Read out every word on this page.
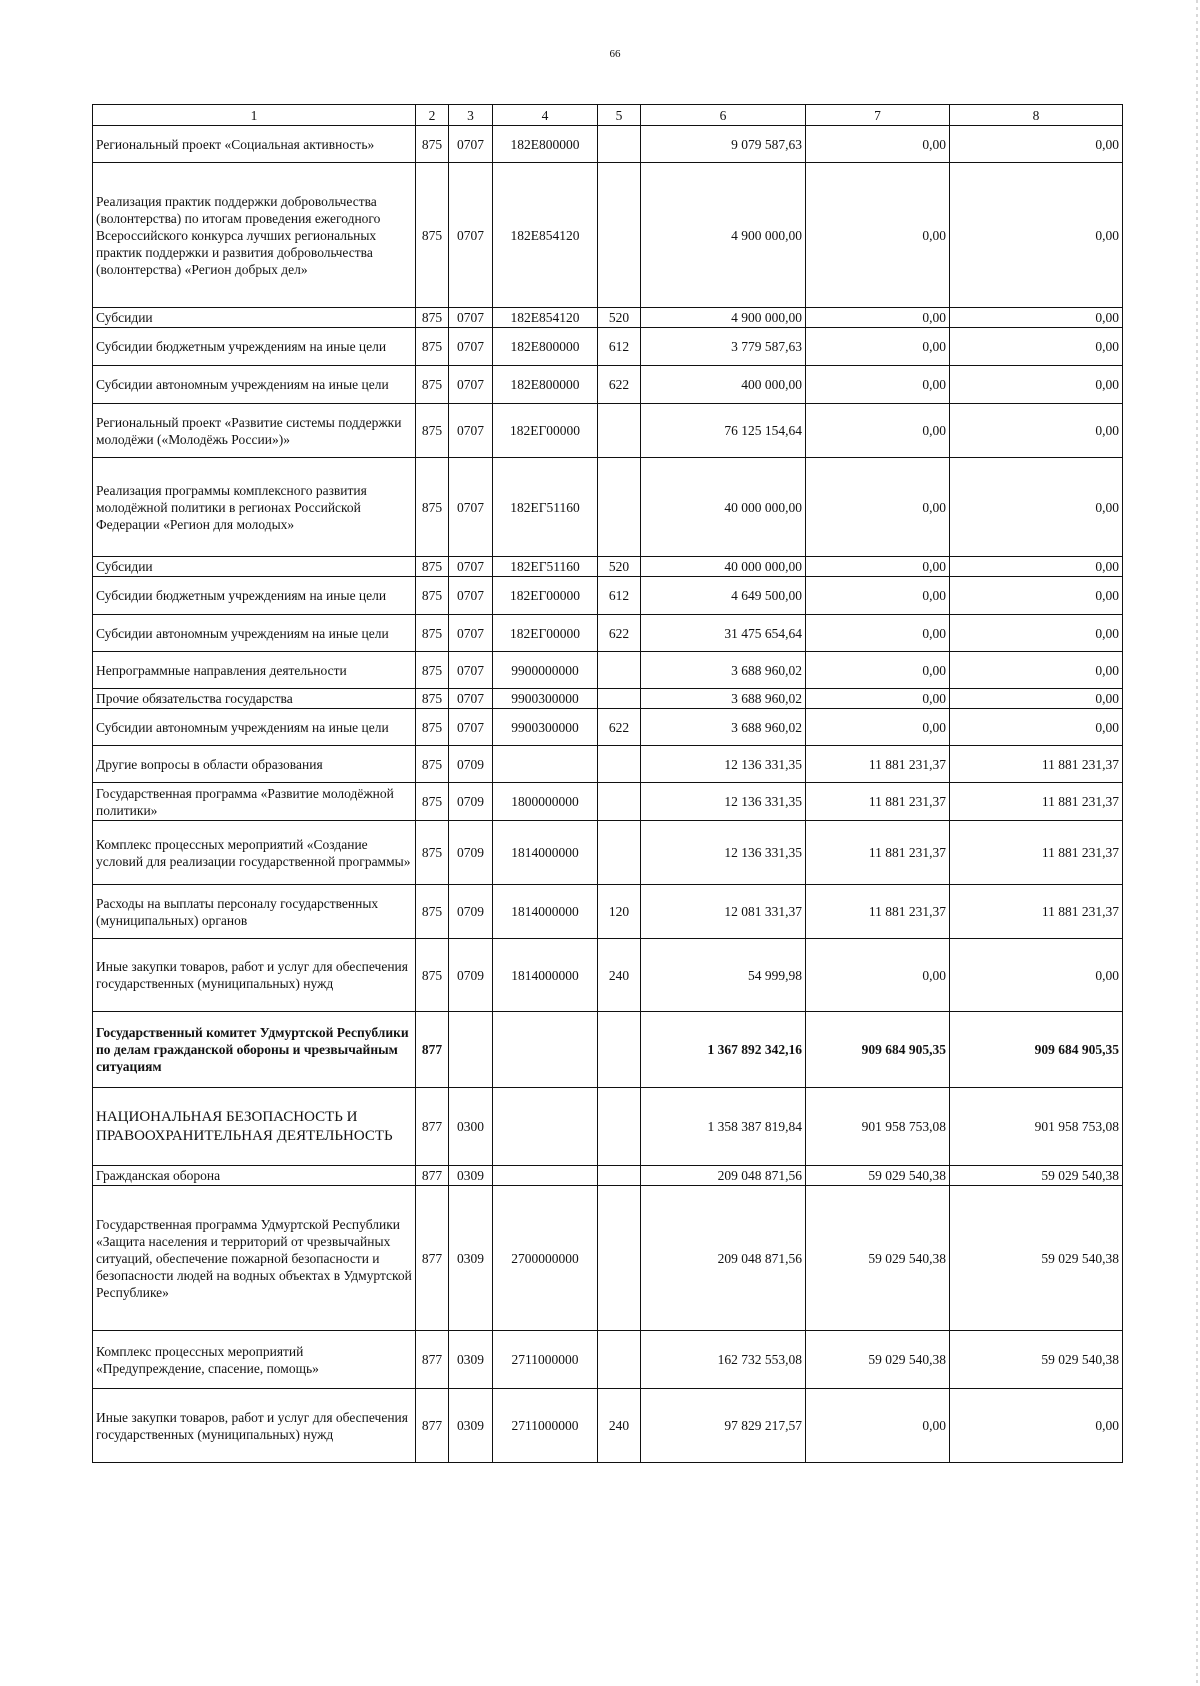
66
1	2	3	4	5	6	7	8
Региональный проект «Социальная активность»	875	0707	182E800000		9 079 587,63	0,00	0,00
Реализация практик поддержки добровольчества (волонтерства) по итогам проведения ежегодного Всероссийского конкурса лучших региональных практик поддержки и развития добровольчества (волонтерства) «Регион добрых дел»	875	0707	182E854120		4 900 000,00	0,00	0,00
Субсидии	875	0707	182E854120	520	4 900 000,00	0,00	0,00
Субсидии бюджетным учреждениям на иные цели	875	0707	182E800000	612	3 779 587,63	0,00	0,00
Субсидии автономным учреждениям на иные цели	875	0707	182E800000	622	400 000,00	0,00	0,00
Региональный проект «Развитие системы поддержки молодёжи («Молодёжь России»)»	875	0707	182EГ00000		76 125 154,64	0,00	0,00
Реализация программы комплексного развития молодёжной политики в регионах Российской Федерации «Регион для молодых»	875	0707	182EГ51160		40 000 000,00	0,00	0,00
Субсидии	875	0707	182EГ51160	520	40 000 000,00	0,00	0,00
Субсидии бюджетным учреждениям на иные цели	875	0707	182EГ00000	612	4 649 500,00	0,00	0,00
Субсидии автономным учреждениям на иные цели	875	0707	182EГ00000	622	31 475 654,64	0,00	0,00
Непрограммные направления деятельности	875	0707	9900000000		3 688 960,02	0,00	0,00
Прочие обязательства государства	875	0707	9900300000		3 688 960,02	0,00	0,00
Субсидии автономным учреждениям на иные цели	875	0707	9900300000	622	3 688 960,02	0,00	0,00
Другие вопросы в области образования	875	0709			12 136 331,35	11 881 231,37	11 881 231,37
Государственная программа «Развитие молодёжной политики»	875	0709	1800000000		12 136 331,35	11 881 231,37	11 881 231,37
Комплекс процессных мероприятий «Создание условий для реализации государственной программы»	875	0709	1814000000		12 136 331,35	11 881 231,37	11 881 231,37
Расходы на выплаты персоналу государственных (муниципальных) органов	875	0709	1814000000	120	12 081 331,37	11 881 231,37	11 881 231,37
Иные закупки товаров, работ и услуг для обеспечения государственных (муниципальных) нужд	875	0709	1814000000	240	54 999,98	0,00	0,00
Государственный комитет Удмуртской Республики по делам гражданской обороны и чрезвычайным ситуациям	877				1 367 892 342,16	909 684 905,35	909 684 905,35
НАЦИОНАЛЬНАЯ БЕЗОПАСНОСТЬ И ПРАВООХРАНИТЕЛЬНАЯ ДЕЯТЕЛЬНОСТЬ	877	0300			1 358 387 819,84	901 958 753,08	901 958 753,08
Гражданская оборона	877	0309			209 048 871,56	59 029 540,38	59 029 540,38
Государственная программа Удмуртской Республики «Защита населения и территорий от чрезвычайных ситуаций, обеспечение пожарной безопасности и безопасности людей на водных объектах в Удмуртской Республике»	877	0309	2700000000		209 048 871,56	59 029 540,38	59 029 540,38
Комплекс процессных мероприятий «Предупреждение, спасение, помощь»	877	0309	2711000000		162 732 553,08	59 029 540,38	59 029 540,38
Иные закупки товаров, работ и услуг для обеспечения государственных (муниципальных) нужд	877	0309	2711000000	240	97 829 217,57	0,00	0,00
